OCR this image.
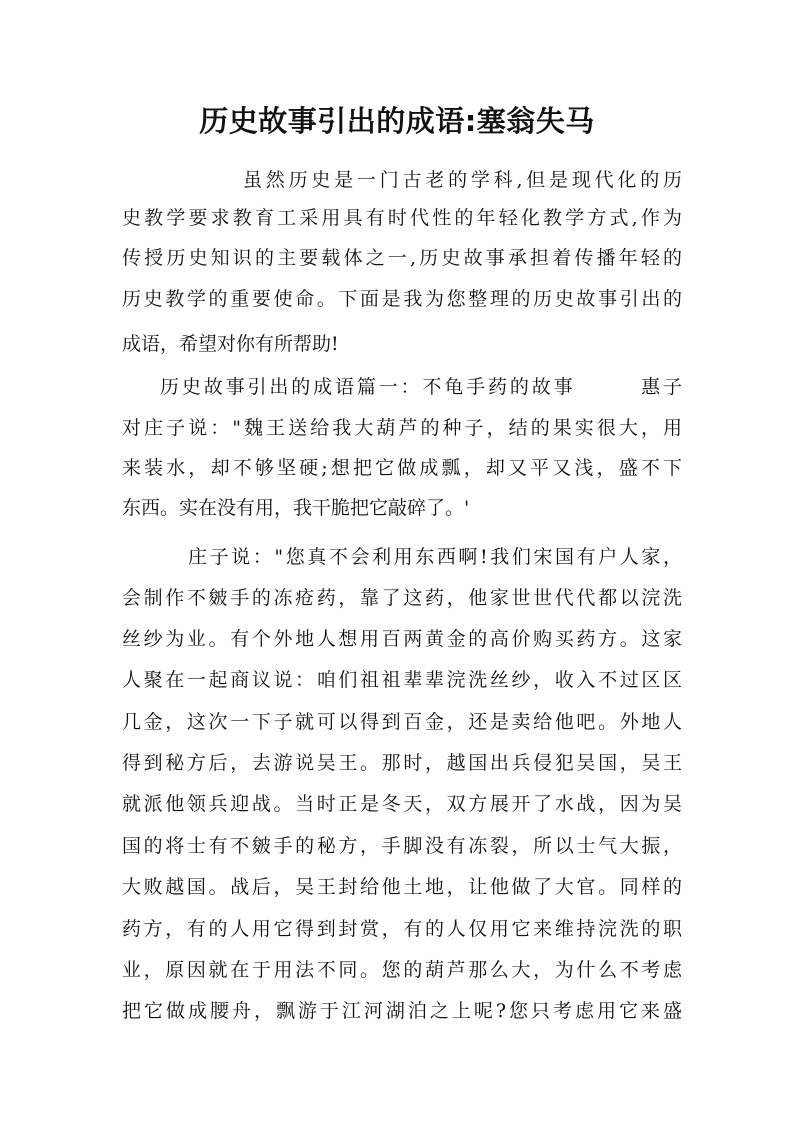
历史故事引出的成语:塞翁失马
虽然历史是一门古老的学科,但是现代化的历
史教学要求教育工采用具有时代性的年轻化教学方式,作为
传授历史知识的主要载体之一,历史故事承担着传播年轻的
历史教学的重要使命。下面是我为您整理的历史故事引出的
成语，希望对你有所帮助!
历史故事引出的成语篇一：不龟手药的故事　　　惠子
对庄子说："魏王送给我大葫芦的种子，结的果实很大，用
来装水，却不够坚硬;想把它做成瓢，却又平又浅，盛不下
东西。实在没有用，我干脆把它敲碎了。'
庄子说："您真不会利用东西啊!我们宋国有户人家，
会制作不皴手的冻疮药，靠了这药，他家世世代代都以浣洗
丝纱为业。有个外地人想用百两黄金的高价购买药方。这家
人聚在一起商议说：咱们祖祖辈辈浣洗丝纱，收入不过区区
几金，这次一下子就可以得到百金，还是卖给他吧。外地人
得到秘方后，去游说吴王。那时，越国出兵侵犯吴国，吴王
就派他领兵迎战。当时正是冬天，双方展开了水战，因为吴
国的将士有不皴手的秘方，手脚没有冻裂，所以士气大振，
大败越国。战后，吴王封给他土地，让他做了大官。同样的
药方，有的人用它得到封赏，有的人仅用它来维持浣洗的职
业，原因就在于用法不同。您的葫芦那么大，为什么不考虑
把它做成腰舟，飘游于江河湖泊之上呢?您只考虑用它来盛
